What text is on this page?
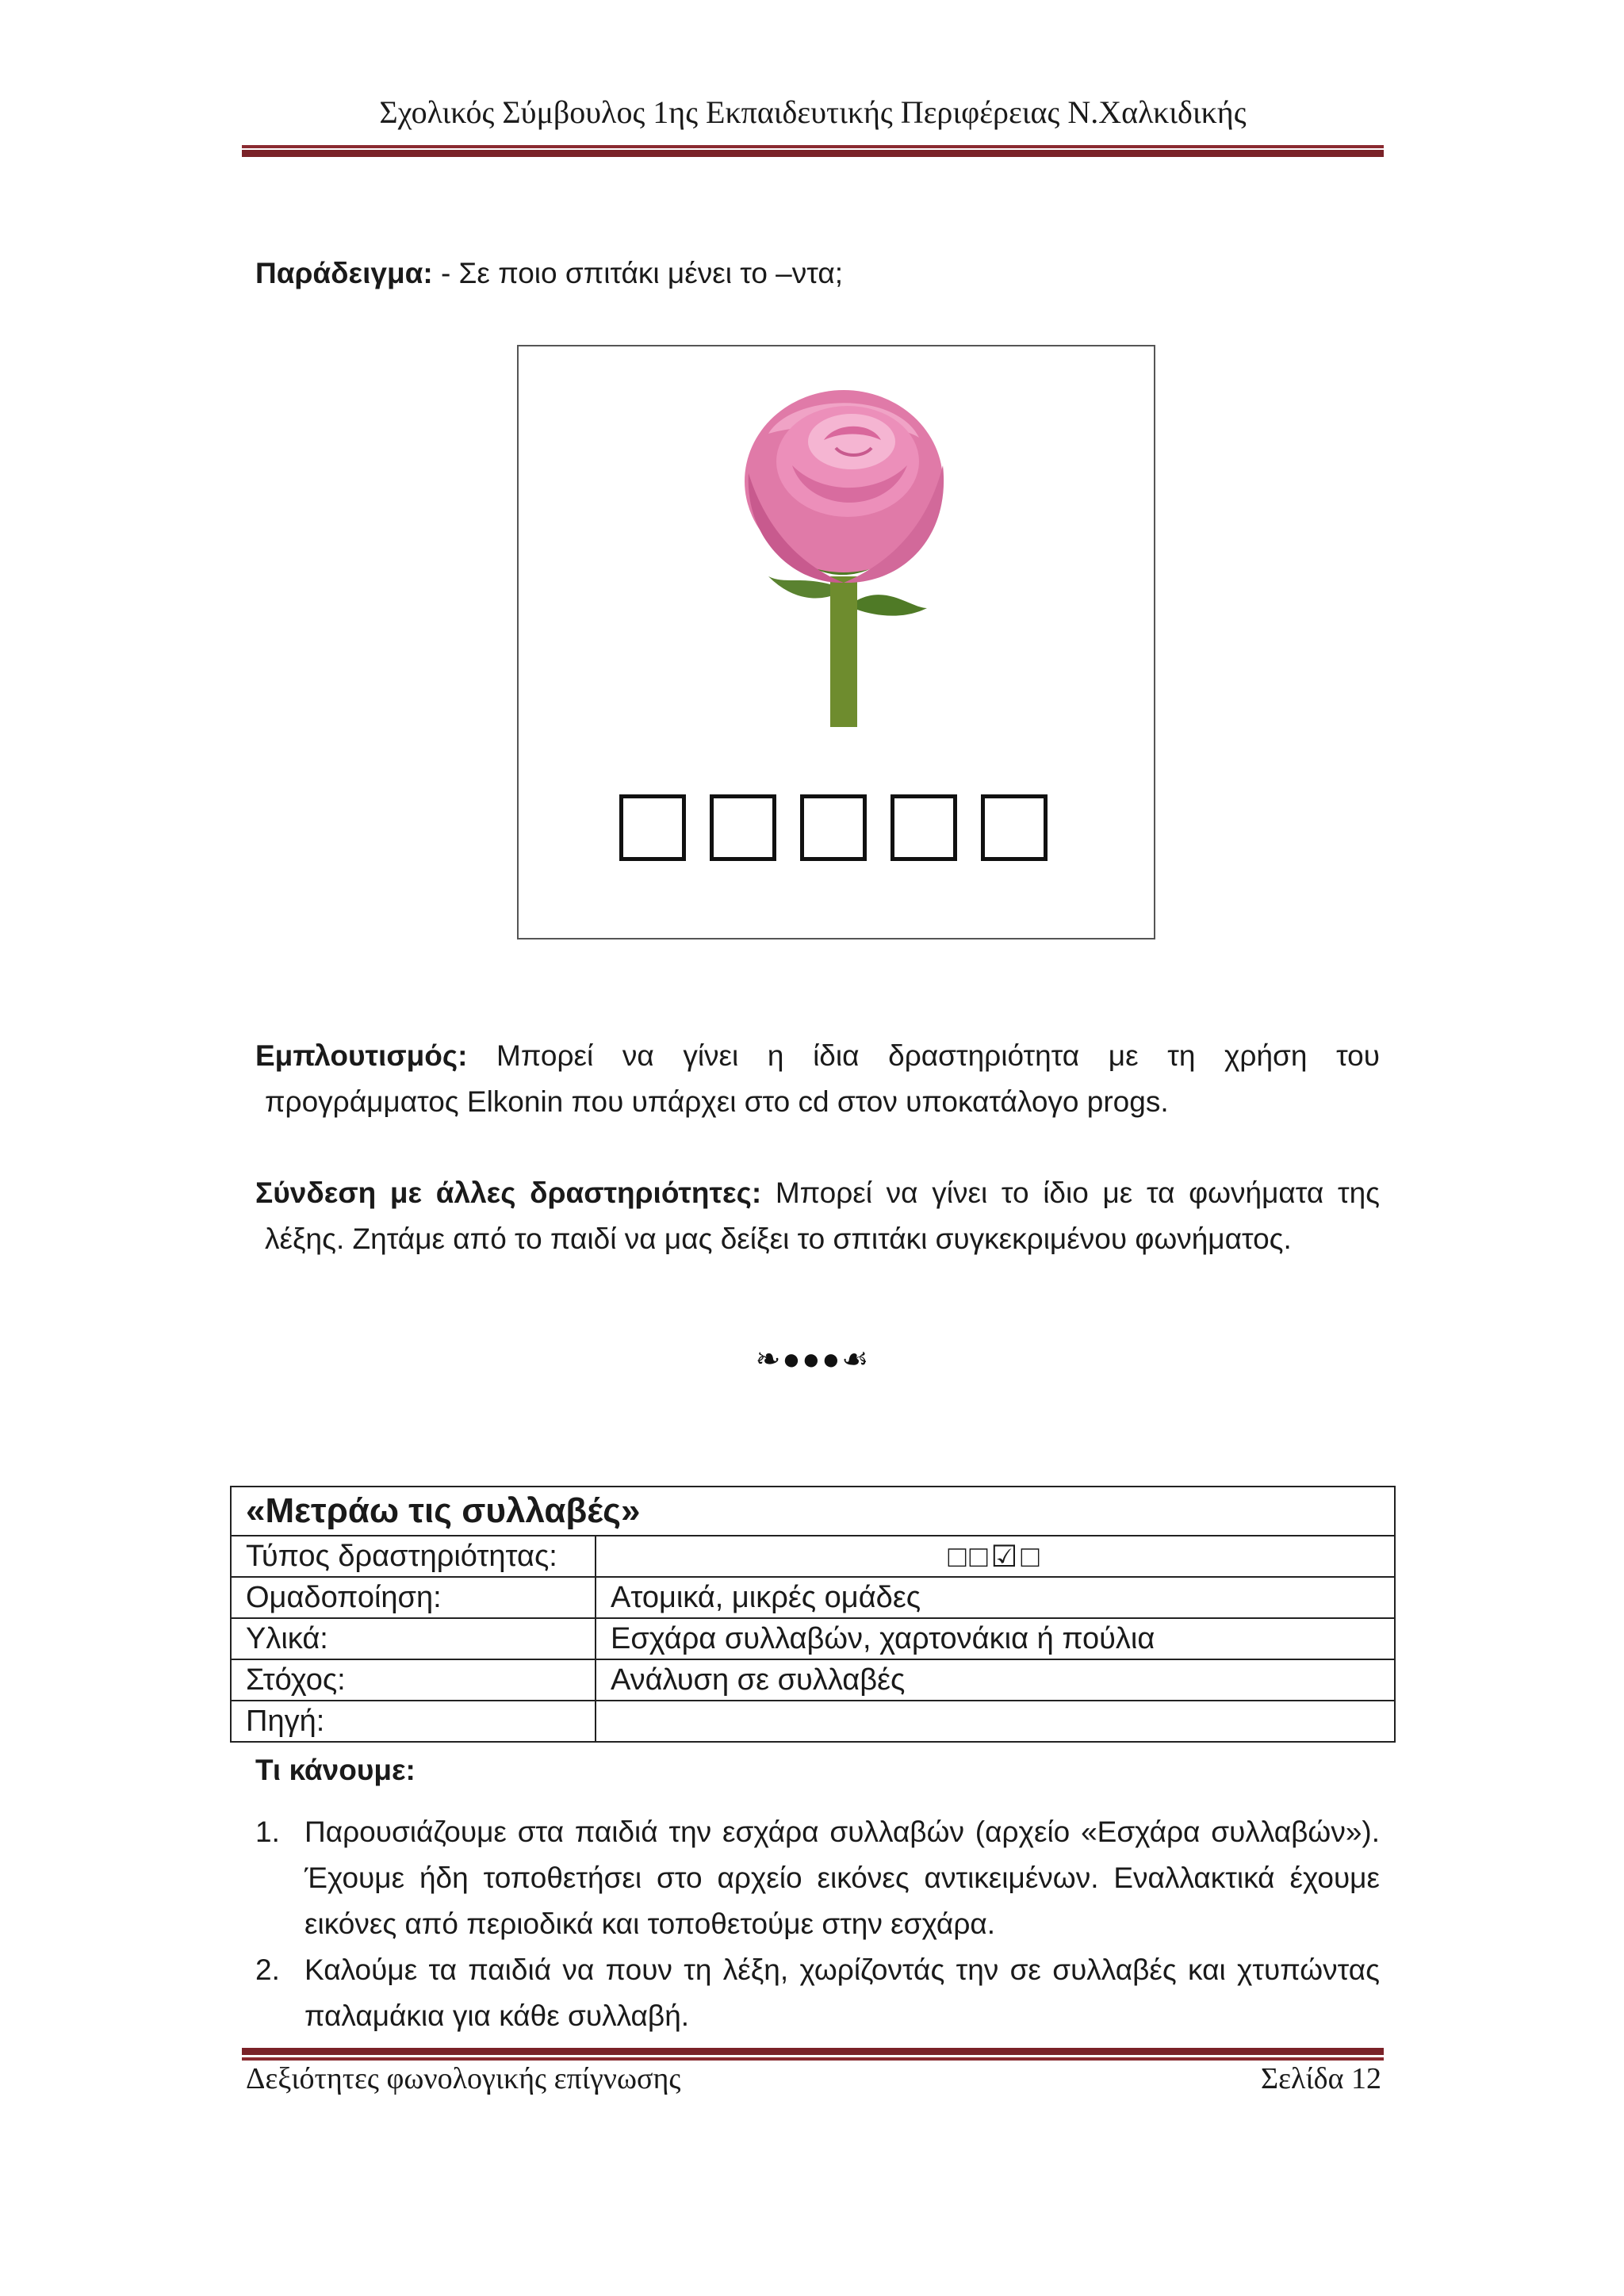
Σχολικός Σύμβουλος 1ης Εκπαιδευτικής Περιφέρειας Ν.Χαλκιδικής
Παράδειγμα: - Σε ποιο σπιτάκι μένει το –ντα;
Εμπλουτισμός: Μπορεί να γίνει η ίδια δραστηριότητα με τη χρήση του
προγράμματος Elkonin που υπάρχει στο cd στον υποκατάλογο progs.
Σύνδεση με άλλες δραστηριότητες: Μπορεί να γίνει το ίδιο με τα φωνήματα της
λέξης. Ζητάμε από το παιδί να μας δείξει το σπιτάκι συγκεκριμένου φωνήματος.
❧●●●☙
«Μετράω τις συλλαβές»	
Τύπος δραστηριότητας:	□□☑□
Ομαδοποίηση:	Ατομικά, μικρές ομάδες
Υλικά:	Εσχάρα συλλαβών, χαρτονάκια ή πούλια
Στόχος:	Ανάλυση σε συλλαβές
Πηγή:	
Τι κάνουμε:
1. Παρουσιάζουμε στα παιδιά την εσχάρα συλλαβών (αρχείο «Εσχάρα συλλαβών»). Έχουμε ήδη τοποθετήσει στο αρχείο εικόνες αντικειμένων. Εναλλακτικά έχουμε εικόνες από περιοδικά και τοποθετούμε στην εσχάρα.
2. Καλούμε τα παιδιά να πουν τη λέξη, χωρίζοντάς την σε συλλαβές και χτυπώντας παλαμάκια για κάθε συλλαβή.
Δεξιότητες φωνολογικής επίγνωσης	Σελίδα 12
